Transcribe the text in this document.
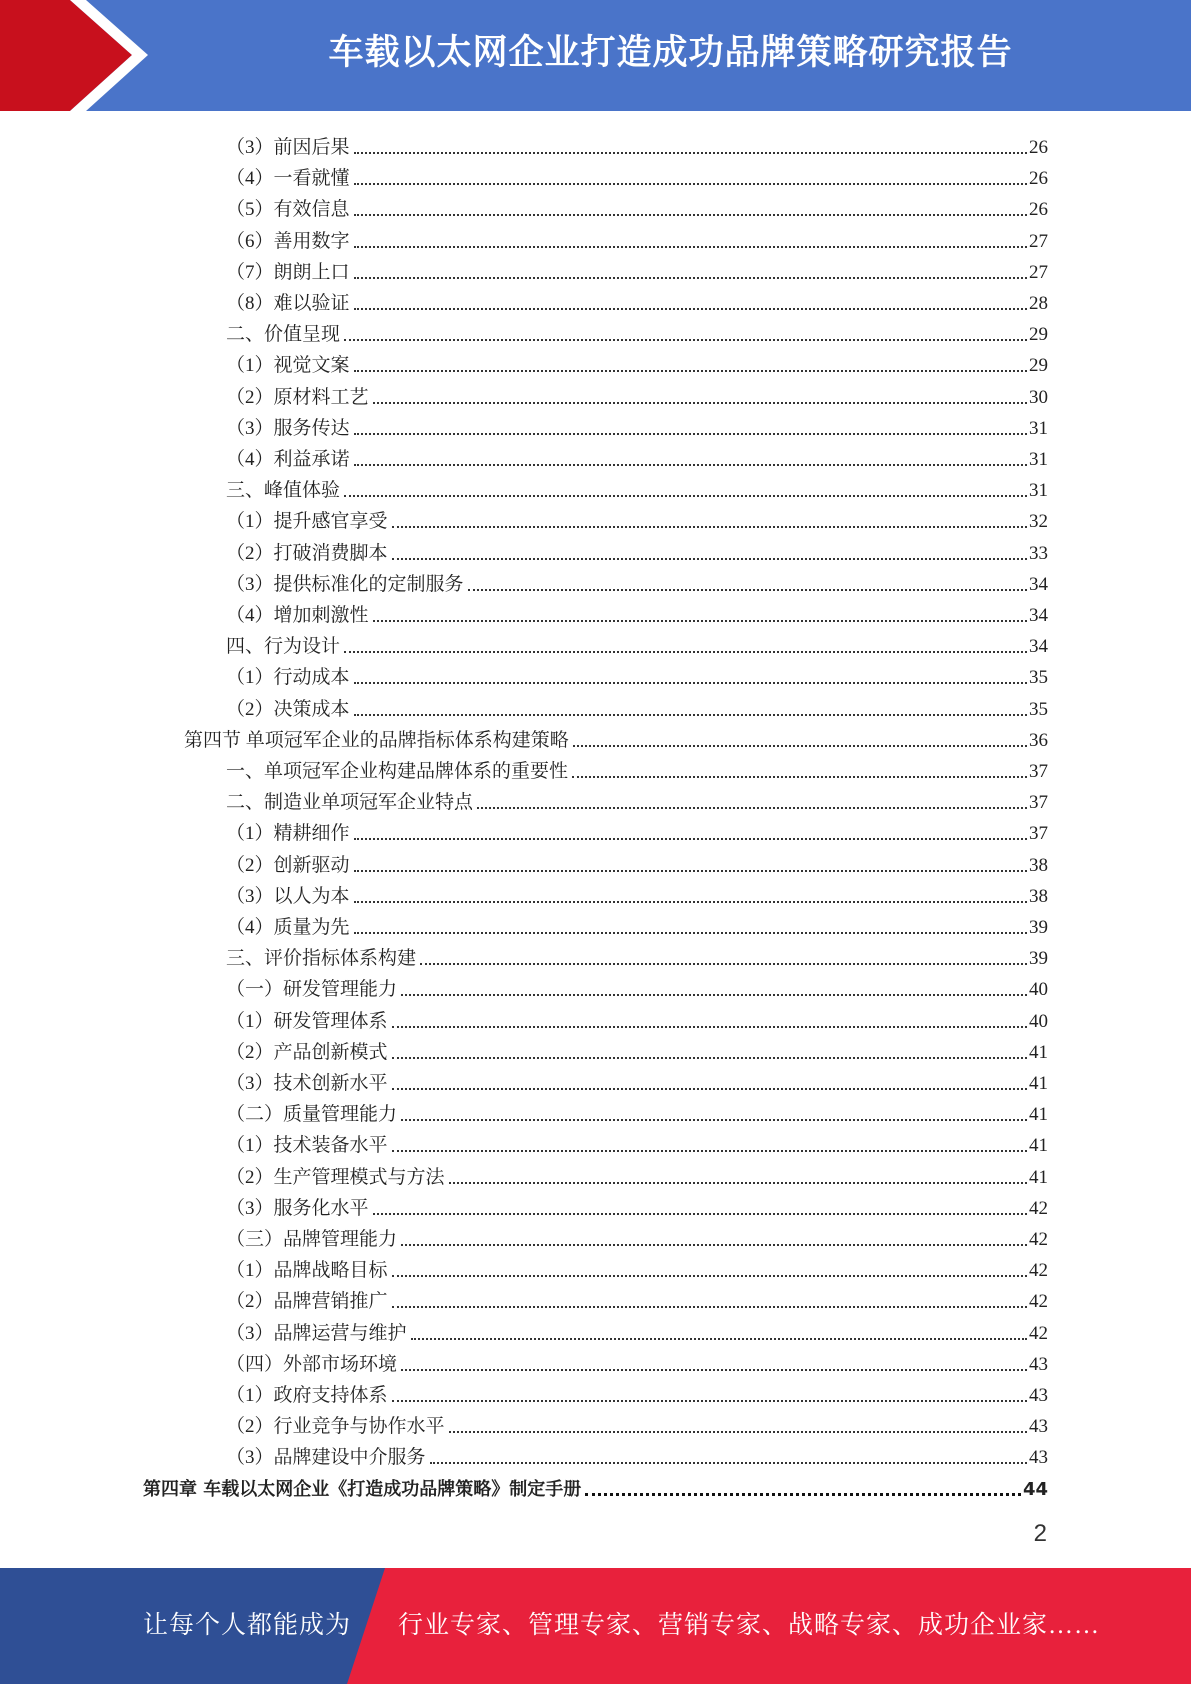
车载以太网企业打造成功品牌策略研究报告
（3）前因后果	26
（4）一看就懂	26
（5）有效信息	26
（6）善用数字	27
（7）朗朗上口	27
（8）难以验证	28
二、价值呈现	29
（1）视觉文案	29
（2）原材料工艺	30
（3）服务传达	31
（4）利益承诺	31
三、峰值体验	31
（1）提升感官享受	32
（2）打破消费脚本	33
（3）提供标准化的定制服务	34
（4）增加刺激性	34
四、行为设计	34
（1）行动成本	35
（2）决策成本	35
第四节 单项冠军企业的品牌指标体系构建策略	36
一、单项冠军企业构建品牌体系的重要性	37
二、制造业单项冠军企业特点	37
（1）精耕细作	37
（2）创新驱动	38
（3）以人为本	38
（4）质量为先	39
三、评价指标体系构建	39
（一）研发管理能力	40
（1）研发管理体系	40
（2）产品创新模式	41
（3）技术创新水平	41
（二）质量管理能力	41
（1）技术装备水平	41
（2）生产管理模式与方法	41
（3）服务化水平	42
（三）品牌管理能力	42
（1）品牌战略目标	42
（2）品牌营销推广	42
（3）品牌运营与维护	42
（四）外部市场环境	43
（1）政府支持体系	43
（2）行业竞争与协作水平	43
（3）品牌建设中介服务	43
第四章 车载以太网企业《打造成功品牌策略》制定手册	44
2
让每个人都能成为 行业专家、管理专家、营销专家、战略专家、成功企业家……
